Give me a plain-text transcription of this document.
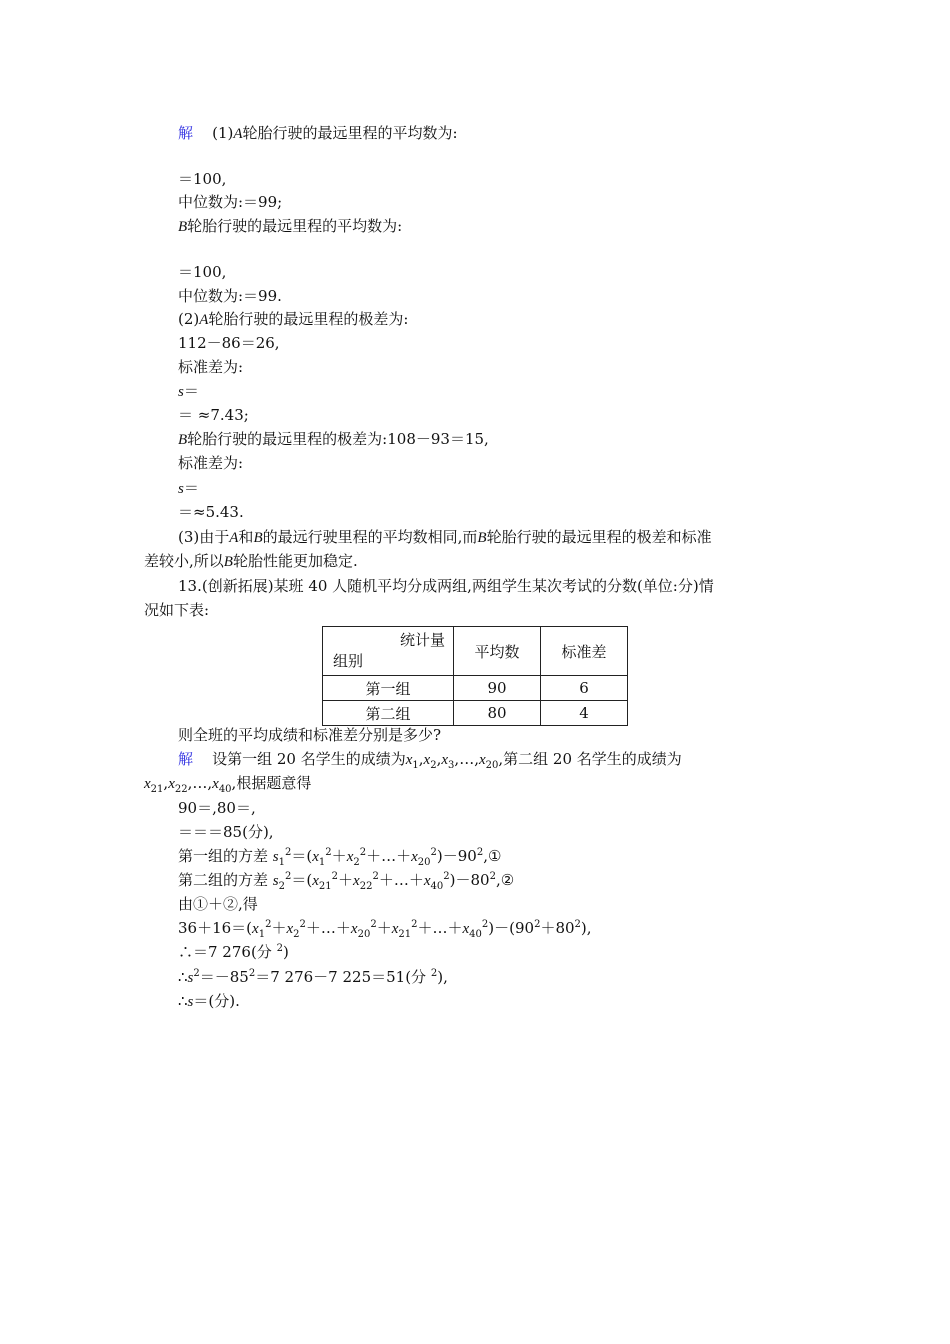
解 (1)A轮胎行驶的最远里程的平均数为:
＝100,
中位数为:＝99;
B轮胎行驶的最远里程的平均数为:
＝100,
中位数为:＝99.
(2)A轮胎行驶的最远里程的极差为:
112－86＝26,
标准差为:
s＝
＝ ≈7.43;
B轮胎行驶的最远里程的极差为:108－93＝15,
标准差为:
s＝
＝≈5.43.
(3)由于A和B的最远行驶里程的平均数相同,而B轮胎行驶的最远里程的极差和标准
差较小,所以B轮胎性能更加稳定.
13.(创新拓展)某班 40 人随机平均分成两组,两组学生某次考试的分数(单位:分)情
况如下表:
统计量
组别	平均数	标准差
第一组	90	6
第二组	80	4
则全班的平均成绩和标准差分别是多少?
解 设第一组 20 名学生的成绩为$x_1,x_2,x_3,\dots,x_{20}$,第二组 20 名学生的成绩为
$x_{21},x_{22},\dots,x_{40}$,根据题意得
90＝,80＝,
＝＝＝85(分),
第一组的方差 $s_1^2=(x_1^2+x_2^2+\dots+x_{20}^2)-90^2,①$
第二组的方差 $s_2^2=(x_{21}^2+x_{22}^2+\dots+x_{40}^2)-80^2,②$
由①＋②,得
$36+16=(x_1^2+x_2^2+\dots+x_{20}^2+x_{21}^2+\dots+x_{40}^2)-(90^2+80^2)$,
∴＝7 276(分 $^2$)
$\therefore s^2=-85^2=7$ 276－7 225＝51(分 $^2$),
∴s＝(分).
